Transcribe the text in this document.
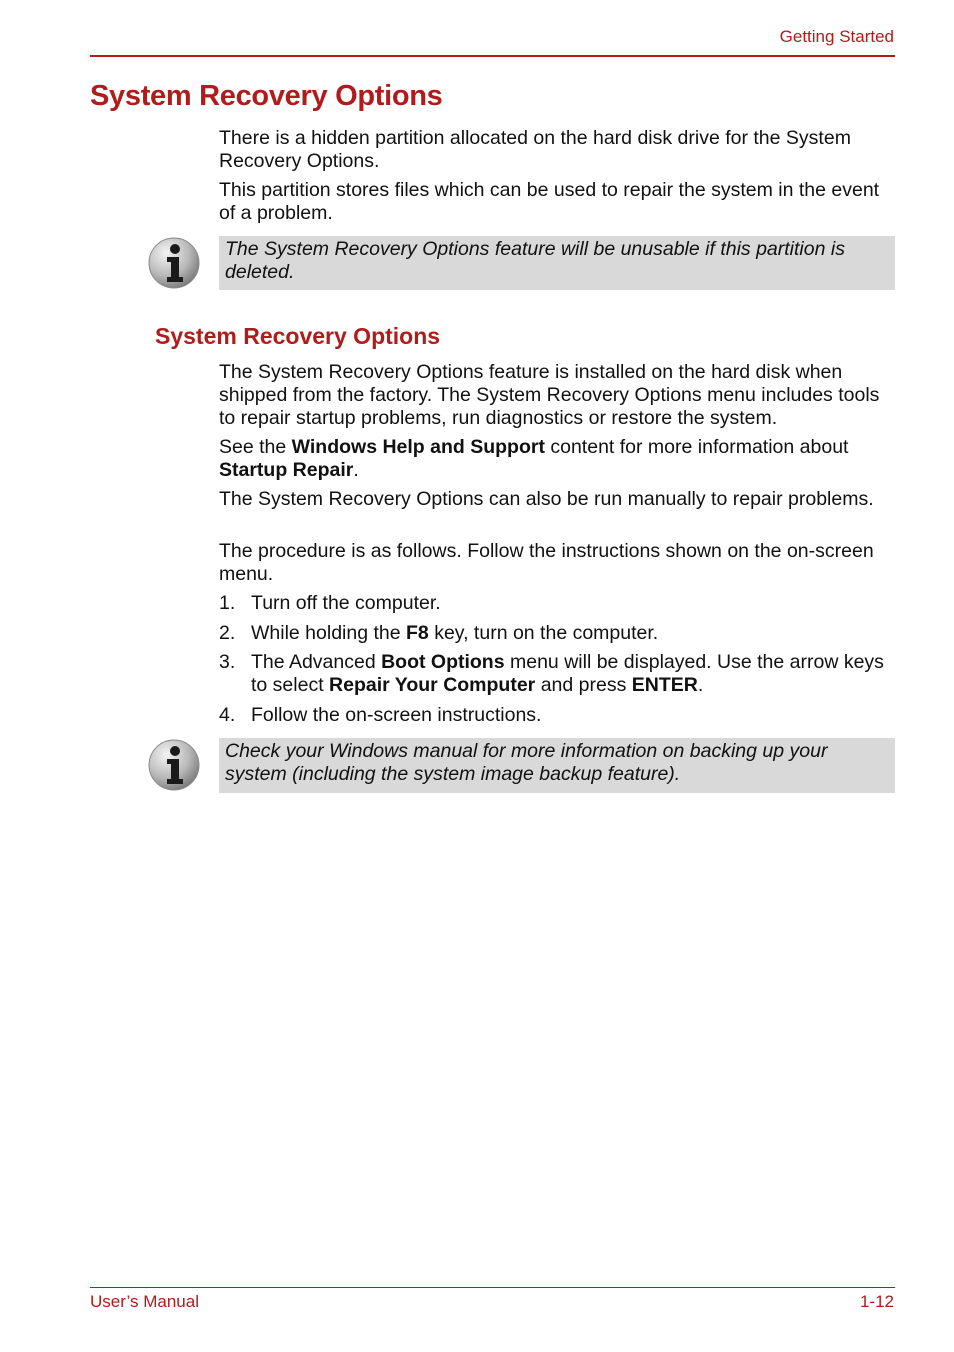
Getting Started
System Recovery Options

There is a hidden partition allocated on the hard disk drive for the System Recovery Options.

This partition stores files which can be used to repair the system in the event of a problem.

The System Recovery Options feature will be unusable if this partition is deleted.
System Recovery Options

The System Recovery Options feature is installed on the hard disk when shipped from the factory. The System Recovery Options menu includes tools to repair startup problems, run diagnostics or restore the system.

See the Windows Help and Support content for more information about
Startup Repair.

The System Recovery Options can also be run manually to repair problems.

The procedure is as follows. Follow the instructions shown on the on-screen menu.

1. Turn off the computer.
2. While holding the F8 key, turn on the computer.
3. The Advanced Boot Options menu will be displayed. Use the arrow keys to select Repair Your Computer and press ENTER.
4. Follow the on-screen instructions.
Check your Windows manual for more information on backing up your system (including the system image backup feature).
User’s Manual	1-12
